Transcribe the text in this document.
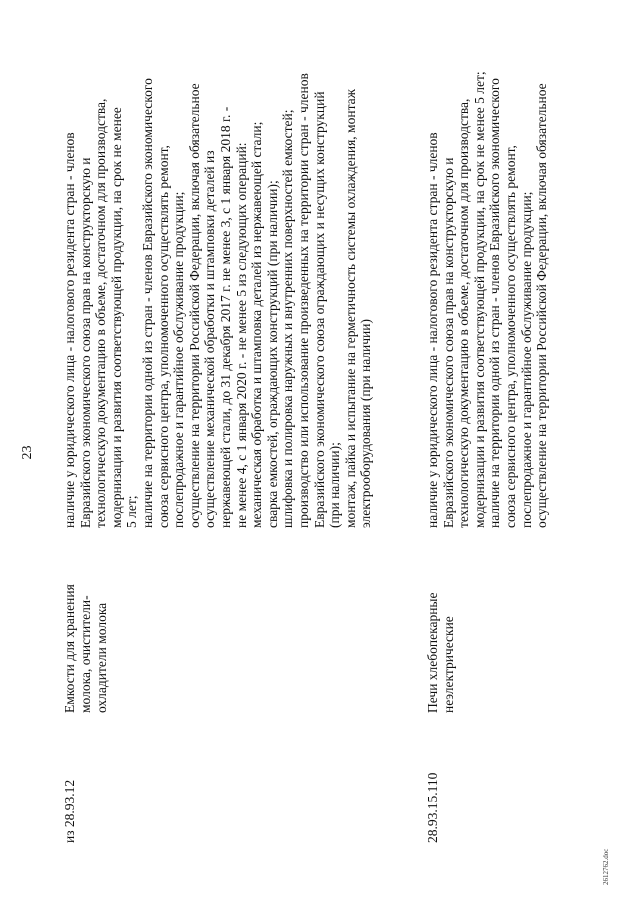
23
из 28.93.12
Емкости для хранения молока, очистители-охладители молока
наличие у юридического лица - налогового резидента стран - членов Евразийского экономического союза прав на конструкторскую и технологическую документацию в объеме, достаточном для производства, модернизации и развития соответствующей продукции, на срок не менее 5 лет; наличие на территории одной из стран - членов Евразийского экономического союза сервисного центра, уполномоченного осуществлять ремонт, послепродажное и гарантийное обслуживание продукции; осуществление на территории Российской Федерации, включая обязательное осуществление механической обработки и штамповки деталей из нержавеющей стали, до 31 декабря 2017 г. не менее 3, с 1 января 2018 г. - не менее 4, с 1 января 2020 г. - не менее 5 из следующих операций: механическая обработка и штамповка деталей из нержавеющей стали; сварка емкостей, ограждающих конструкций (при наличии); шлифовка и полировка наружных и внутренних поверхностей емкостей; производство или использование произведенных на территории стран - членов Евразийского экономического союза ограждающих и несущих конструкций (при наличии); монтаж, пайка и испытание на герметичность системы охлаждения, монтаж электрооборудования (при наличии)
28.93.15.110
Печи хлебопекарные неэлектрические
наличие у юридического лица - налогового резидента стран - членов Евразийского экономического союза прав на конструкторскую и технологическую документацию в объеме, достаточном для производства, модернизации и развития соответствующей продукции, на срок не менее 5 лет; наличие на территории одной из стран - членов Евразийского экономического союза сервисного центра, уполномоченного осуществлять ремонт, послепродажное и гарантийное обслуживание продукции; осуществление на территории Российской Федерации, включая обязательное
2612762.doc
